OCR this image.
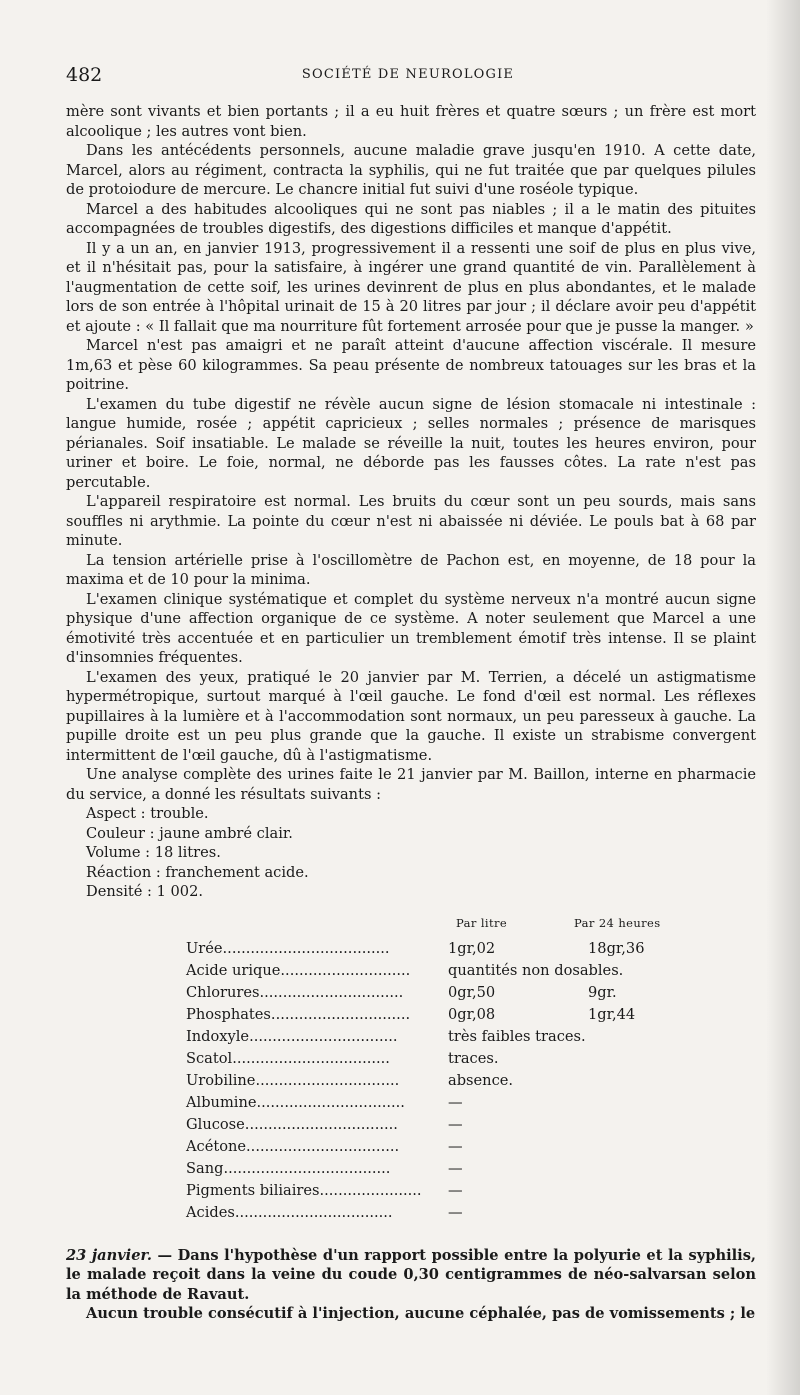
482	SOCIÉTÉ DE NEUROLOGIE

mère sont vivants et bien portants ; il a eu huit frères et quatre sœurs ; un frère est mort alcoolique ; les autres vont bien.

Dans les antécédents personnels, aucune maladie grave jusqu'en 1910. A cette date, Marcel, alors au régiment, contracta la syphilis, qui ne fut traitée que par quelques pilules de protoiodure de mercure. Le chancre initial fut suivi d'une roséole typique.

Marcel a des habitudes alcooliques qui ne sont pas niables ; il a le matin des pituites accompagnées de troubles digestifs, des digestions difficiles et manque d'appétit.

Il y a un an, en janvier 1913, progressivement il a ressenti une soif de plus en plus vive, et il n'hésitait pas, pour la satisfaire, à ingérer une grand quantité de vin. Parallèlement à l'augmentation de cette soif, les urines devinrent de plus en plus abondantes, et le malade lors de son entrée à l'hôpital urinait de 15 à 20 litres par jour ; il déclare avoir peu d'appétit et ajoute : « Il fallait que ma nourriture fût fortement arrosée pour que je pusse la manger. »

Marcel n'est pas amaigri et ne paraît atteint d'aucune affection viscérale. Il mesure 1m,63 et pèse 60 kilogrammes. Sa peau présente de nombreux tatouages sur les bras et la poitrine.

L'examen du tube digestif ne révèle aucun signe de lésion stomacale ni intestinale : langue humide, rosée ; appétit capricieux ; selles normales ; présence de marisques périanales. Soif insatiable. Le malade se réveille la nuit, toutes les heures environ, pour uriner et boire. Le foie, normal, ne déborde pas les fausses côtes. La rate n'est pas percutable.

L'appareil respiratoire est normal. Les bruits du cœur sont un peu sourds, mais sans souffles ni arythmie. La pointe du cœur n'est ni abaissée ni déviée. Le pouls bat à 68 par minute.

La tension artérielle prise à l'oscillomètre de Pachon est, en moyenne, de 18 pour la maxima et de 10 pour la minima.

L'examen clinique systématique et complet du système nerveux n'a montré aucun signe physique d'une affection organique de ce système. A noter seulement que Marcel a une émotivité très accentuée et en particulier un tremblement émotif très intense. Il se plaint d'insomnies fréquentes.

L'examen des yeux, pratiqué le 20 janvier par M. Terrien, a décelé un astigmatisme hypermétropique, surtout marqué à l'œil gauche. Le fond d'œil est normal. Les réflexes pupillaires à la lumière et à l'accommodation sont normaux, un peu paresseux à gauche. La pupille droite est un peu plus grande que la gauche. Il existe un strabisme convergent intermittent de l'œil gauche, dû à l'astigmatisme.

Une analyse complète des urines faite le 21 janvier par M. Baillon, interne en pharmacie du service, a donné les résultats suivants :

Aspect : trouble.
Couleur : jaune ambré clair.
Volume : 18 litres.
Réaction : franchement acide.
Densité : 1 002.
Par litre	Par 24 heures
Urée....................................	1gr,02	18gr,36
Acide urique............................	quantités non dosables.	
Chlorures...............................	0gr,50	9gr.
Phosphates..............................	0gr,08	1gr,44
Indoxyle................................	très faibles traces.	
Scatol..................................	traces.	
Urobiline...............................	absence.	
Albumine................................	—	
Glucose.................................	—	
Acétone.................................	—	
Sang....................................	—	
Pigments biliaires......................	—	
Acides..................................	—	

23 janvier. — Dans l'hypothèse d'un rapport possible entre la polyurie et la syphilis, le malade reçoit dans la veine du coude 0,30 centigrammes de néo-salvarsan selon la méthode de Ravaut.

Aucun trouble consécutif à l'injection, aucune céphalée, pas de vomissements ; le
